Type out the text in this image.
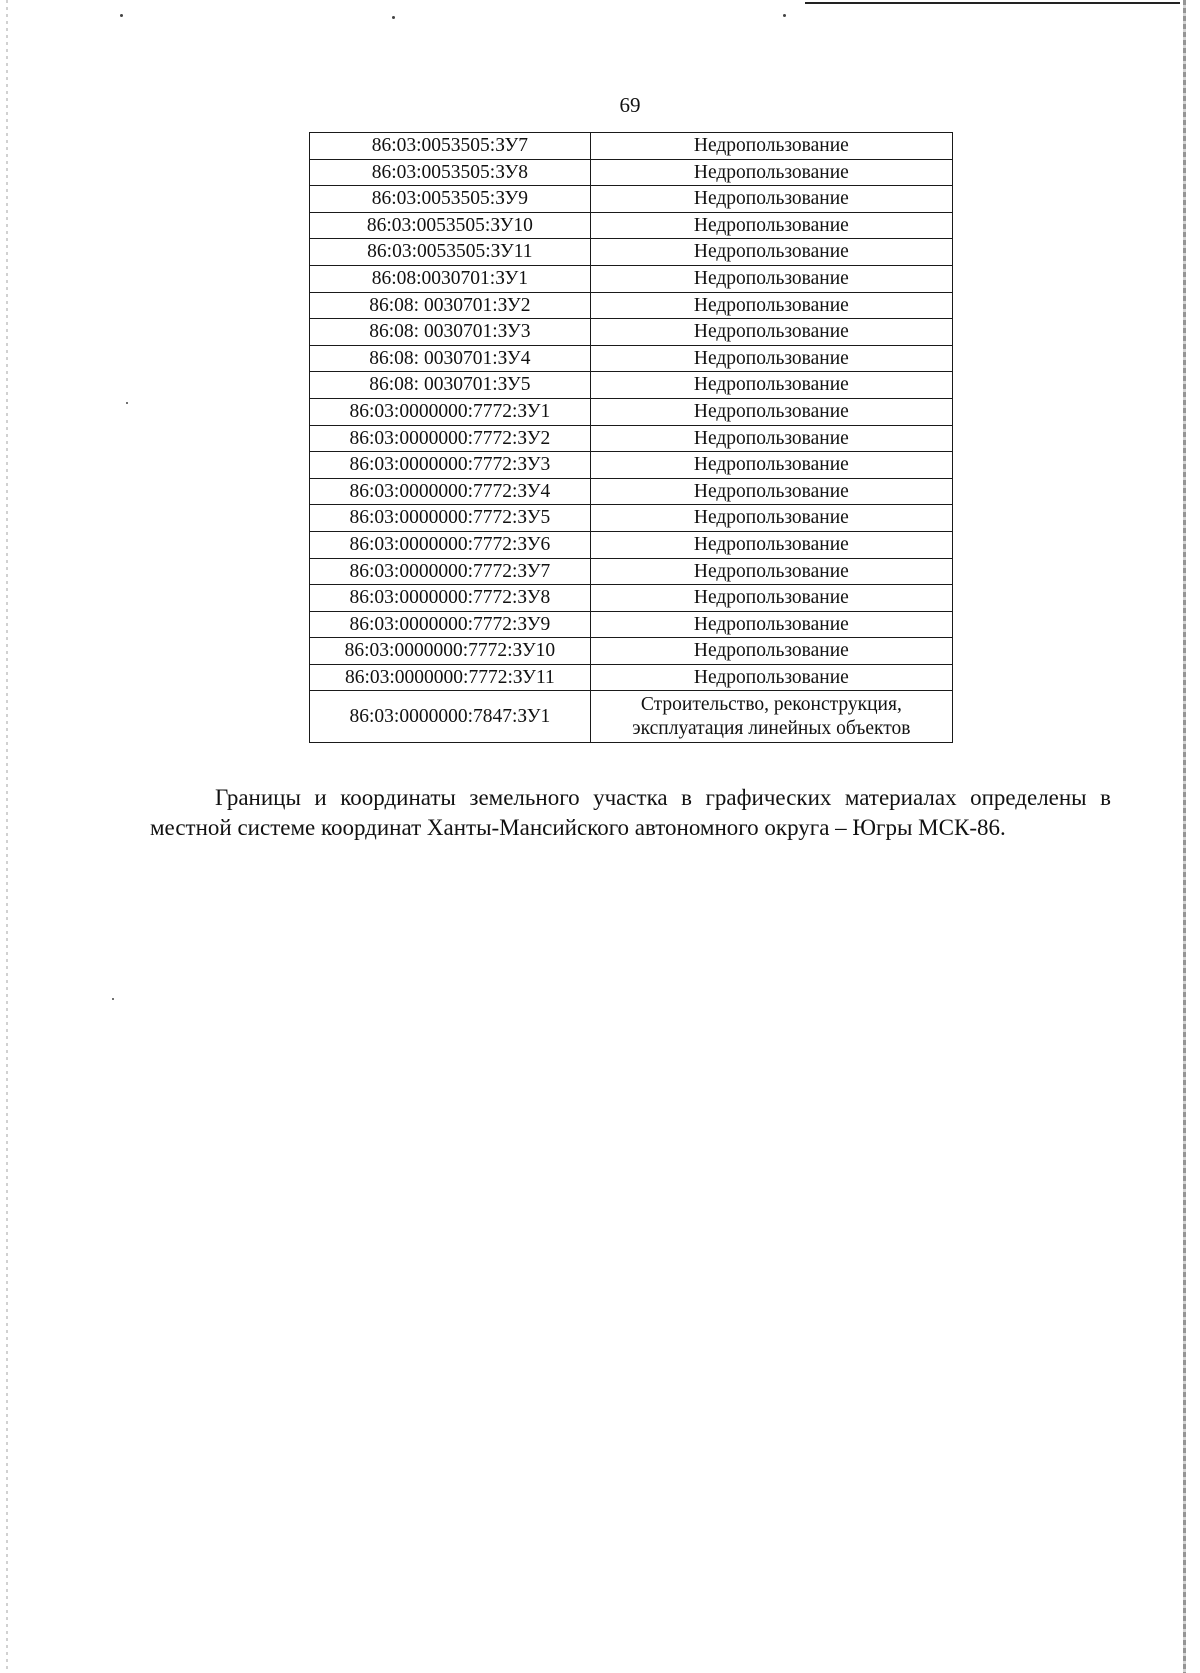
69
86:03:0053505:ЗУ7	Недропользование
86:03:0053505:ЗУ8	Недропользование
86:03:0053505:ЗУ9	Недропользование
86:03:0053505:ЗУ10	Недропользование
86:03:0053505:ЗУ11	Недропользование
86:08:0030701:ЗУ1	Недропользование
86:08: 0030701:ЗУ2	Недропользование
86:08: 0030701:ЗУ3	Недропользование
86:08: 0030701:ЗУ4	Недропользование
86:08: 0030701:ЗУ5	Недропользование
86:03:0000000:7772:ЗУ1	Недропользование
86:03:0000000:7772:ЗУ2	Недропользование
86:03:0000000:7772:ЗУ3	Недропользование
86:03:0000000:7772:ЗУ4	Недропользование
86:03:0000000:7772:ЗУ5	Недропользование
86:03:0000000:7772:ЗУ6	Недропользование
86:03:0000000:7772:ЗУ7	Недропользование
86:03:0000000:7772:ЗУ8	Недропользование
86:03:0000000:7772:ЗУ9	Недропользование
86:03:0000000:7772:ЗУ10	Недропользование
86:03:0000000:7772:ЗУ11	Недропользование
86:03:0000000:7847:ЗУ1	Строительство, реконструкция, эксплуатация линейных объектов

Границы и координаты земельного участка в графических материалах определены в местной системе координат Ханты-Мансийского автономного округа – Югры МСК-86.
